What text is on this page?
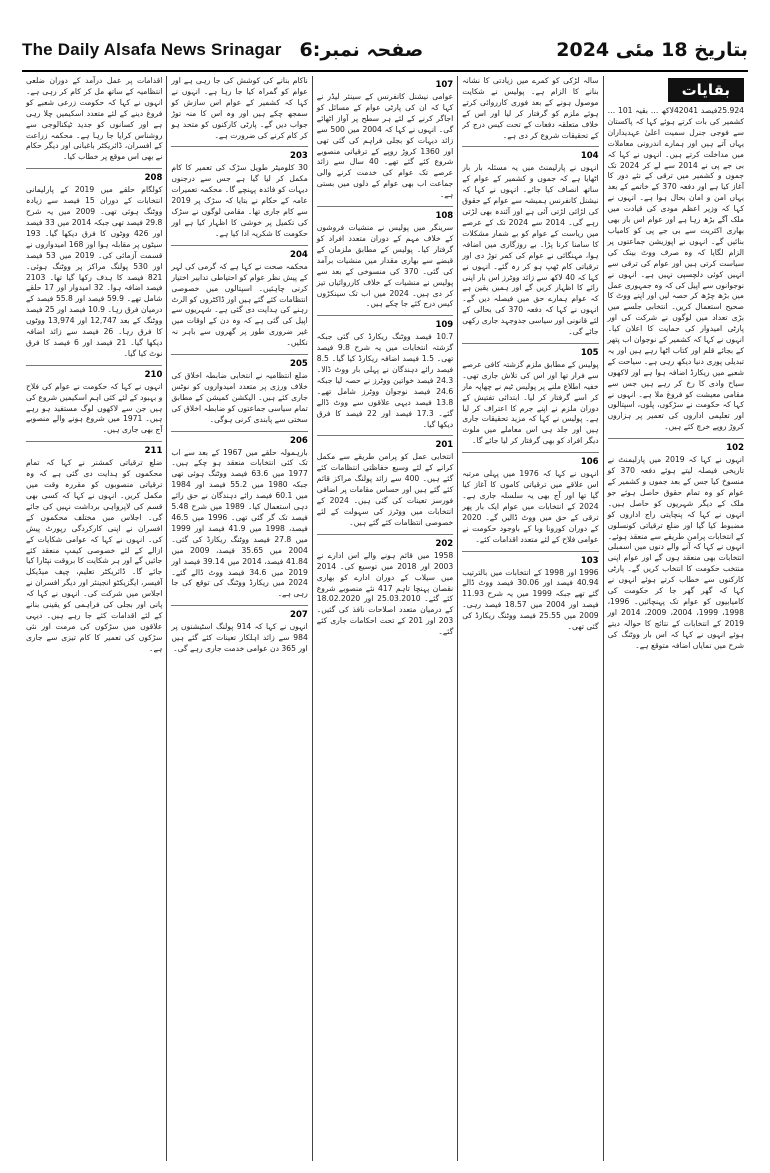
The Daily Alsafa News Srinagar صفحہ نمبر:6	بتاریخ 18 مئی 2024
بقایات

25.924فیصد 42041لاکھ … بقیہ 101 … کشمیر کی بات کرتے ہوئے کہا کہ پاکستان سے فوجی جنرل سمیت اعلیٰ عہدیداران یہاں آتے ہیں اور ہمارے اندرونی معاملات میں مداخلت کرتے ہیں۔ انہوں نے کہا کہ بی جے پی نے 2014 سے لے کر 2024 تک جموں و کشمیر میں ترقی کے نئے دور کا آغاز کیا ہے اور دفعہ 370 کے خاتمے کے بعد یہاں امن و امان بحال ہوا ہے۔ انہوں نے کہا کہ وزیر اعظم مودی کی قیادت میں ملک آگے بڑھ رہا ہے اور عوام اس بار بھی بھاری اکثریت سے بی جے پی کو کامیاب بنائیں گے۔ انہوں نے اپوزیشن جماعتوں پر الزام لگایا کہ وہ صرف ووٹ بینک کی سیاست کرتی ہیں اور عوام کی ترقی سے انہیں کوئی دلچسپی نہیں ہے۔ انہوں نے نوجوانوں سے اپیل کی کہ وہ جمہوری عمل میں بڑھ چڑھ کر حصہ لیں اور اپنے ووٹ کا صحیح استعمال کریں۔ انتخابی جلسے میں بڑی تعداد میں لوگوں نے شرکت کی اور پارٹی امیدوار کی حمایت کا اعلان کیا۔ انہوں نے کہا کہ کشمیر کے نوجوان اب پتھر کے بجائے قلم اور کتاب اٹھا رہے ہیں اور یہ تبدیلی پوری دنیا دیکھ رہی ہے۔ سیاحت کے شعبے میں ریکارڈ اضافہ ہوا ہے اور لاکھوں سیاح وادی کا رخ کر رہے ہیں جس سے مقامی معیشت کو فروغ ملا ہے۔ انہوں نے کہا کہ حکومت نے سڑکوں، پلوں، اسپتالوں اور تعلیمی اداروں کی تعمیر پر ہزاروں کروڑ روپے خرچ کئے ہیں۔

102

انہوں نے کہا کہ 2019 میں پارلیمنٹ نے تاریخی فیصلہ لیتے ہوئے دفعہ 370 کو منسوخ کیا جس کے بعد جموں و کشمیر کے عوام کو وہ تمام حقوق حاصل ہوئے جو ملک کے دیگر شہریوں کو حاصل ہیں۔ انہوں نے کہا کہ پنچایتی راج اداروں کو مضبوط کیا گیا اور ضلع ترقیاتی کونسلوں کے انتخابات پرامن طریقے سے منعقد ہوئے۔ انہوں نے کہا کہ آنے والے دنوں میں اسمبلی انتخابات بھی منعقد ہوں گے اور عوام اپنی منتخب حکومت کا انتخاب کریں گے۔ پارٹی کارکنوں سے خطاب کرتے ہوئے انہوں نے کہا کہ گھر گھر جا کر حکومت کی کامیابیوں کو عوام تک پہنچائیں۔ 1996، 1998، 1999، 2004، 2009، 2014 اور 2019 کے انتخابات کے نتائج کا حوالہ دیتے ہوئے انہوں نے کہا کہ اس بار ووٹنگ کی شرح میں نمایاں اضافہ متوقع ہے۔

سالہ لڑکی کو کمرے میں زیادتی کا نشانہ بنانے کا الزام ہے۔ پولیس نے شکایت موصول ہونے کے بعد فوری کارروائی کرتے ہوئے ملزم کو گرفتار کر لیا اور اس کے خلاف متعلقہ دفعات کے تحت کیس درج کر کے تحقیقات شروع کر دی ہے۔

104

انہوں نے پارلیمنٹ میں یہ مسئلہ بار بار اٹھایا ہے کہ جموں و کشمیر کے عوام کے ساتھ انصاف کیا جائے۔ انہوں نے کہا کہ نیشنل کانفرنس ہمیشہ سے عوام کے حقوق کی لڑائی لڑتی آئی ہے اور آئندہ بھی لڑتی رہے گی۔ 2014 سے 2024 تک کے عرصے میں ریاست کے عوام کو بے شمار مشکلات کا سامنا کرنا پڑا۔ بے روزگاری میں اضافہ ہوا، مہنگائی نے عوام کی کمر توڑ دی اور ترقیاتی کام ٹھپ ہو کر رہ گئے۔ انہوں نے کہا کہ 40 لاکھ سے زائد ووٹرز اس بار اپنی رائے کا اظہار کریں گے اور ہمیں یقین ہے کہ عوام ہمارے حق میں فیصلہ دیں گے۔ انہوں نے کہا کہ دفعہ 370 کی بحالی کے لئے قانونی اور سیاسی جدوجہد جاری رکھی جائے گی۔

105

پولیس کے مطابق ملزم گزشتہ کافی عرصے سے فرار تھا اور اس کی تلاش جاری تھی۔ خفیہ اطلاع ملنے پر پولیس ٹیم نے چھاپہ مار کر اسے گرفتار کر لیا۔ ابتدائی تفتیش کے دوران ملزم نے اپنے جرم کا اعتراف کر لیا ہے۔ پولیس نے کہا کہ مزید تحقیقات جاری ہیں اور جلد ہی اس معاملے میں ملوث دیگر افراد کو بھی گرفتار کر لیا جائے گا۔

106

انہوں نے کہا کہ 1976 میں پہلی مرتبہ اس علاقے میں ترقیاتی کاموں کا آغاز کیا گیا تھا اور آج بھی یہ سلسلہ جاری ہے۔ 2024 کے انتخابات میں عوام ایک بار پھر ترقی کے حق میں ووٹ ڈالیں گے۔ 2020 کے دوران کورونا وبا کے باوجود حکومت نے عوامی فلاح کے لئے متعدد اقدامات کئے۔

103

1996 اور 1998 کے انتخابات میں بالترتیب 40.94 فیصد اور 30.06 فیصد ووٹ ڈالے گئے تھے جبکہ 1999 میں یہ شرح 11.93 فیصد اور 2004 میں 18.57 فیصد رہی۔ 2009 میں 25.55 فیصد ووٹنگ ریکارڈ کی گئی تھی۔

107

عوامی نیشنل کانفرنس کے سینئر لیڈر نے کہا کہ ان کی پارٹی عوام کے مسائل کو اجاگر کرنے کے لئے ہر سطح پر آواز اٹھائے گی۔ انہوں نے کہا کہ 2004 میں 500 سے زائد دیہات کو بجلی فراہم کی گئی تھی اور 1360 کروڑ روپے کے ترقیاتی منصوبے شروع کئے گئے تھے۔ 40 سال سے زائد عرصے تک عوام کی خدمت کرنے والی جماعت اب بھی عوام کے دلوں میں بستی ہے۔

108

سرینگر میں پولیس نے منشیات فروشوں کے خلاف مہم کے دوران متعدد افراد کو گرفتار کیا۔ پولیس کے مطابق ملزمان کے قبضے سے بھاری مقدار میں منشیات برآمد کی گئی۔ 370 کی منسوخی کے بعد سے پولیس نے منشیات کے خلاف کارروائیاں تیز کر دی ہیں۔ 2024 میں اب تک سینکڑوں کیس درج کئے جا چکے ہیں۔

109

10.7 فیصد ووٹنگ ریکارڈ کی گئی جبکہ گزشتہ انتخابات میں یہ شرح 9.8 فیصد تھی۔ 1.5 فیصد اضافہ ریکارڈ کیا گیا۔ 8.5 فیصد رائے دہندگان نے پہلی بار ووٹ ڈالا۔ 24.3 فیصد خواتین ووٹرز نے حصہ لیا جبکہ 24.6 فیصد نوجوان ووٹرز شامل تھے۔ 13.8 فیصد دیہی علاقوں سے ووٹ ڈالے گئے۔ 17.3 فیصد اور 22 فیصد کا فرق دیکھا گیا۔

201

انتخابی عمل کو پرامن طریقے سے مکمل کرانے کے لئے وسیع حفاظتی انتظامات کئے گئے ہیں۔ 400 سے زائد پولنگ مراکز قائم کئے گئے ہیں اور حساس مقامات پر اضافی فورسز تعینات کی گئی ہیں۔ 2024 کے انتخابات میں ووٹرز کی سہولت کے لئے خصوصی انتظامات کئے گئے ہیں۔

202

1958 میں قائم ہونے والے اس ادارے نے 2003 اور 2018 میں توسیع کی۔ 2014 میں سیلاب کے دوران ادارے کو بھاری نقصان پہنچا تاہم 417 نئے منصوبے شروع کئے گئے۔ 25.03.2010 اور 18.02.2020 کے درمیان متعدد اصلاحات نافذ کی گئیں۔ 203 اور 201 کے تحت احکامات جاری کئے گئے۔

ناکام بنانے کی کوشش کی جا رہی ہے اور عوام کو گمراہ کیا جا رہا ہے۔ انہوں نے کہا کہ کشمیر کے عوام اس سازش کو سمجھ چکے ہیں اور وہ اس کا منہ توڑ جواب دیں گے۔ پارٹی کارکنوں کو متحد ہو کر کام کرنے کی ضرورت ہے۔

203

30 کلومیٹر طویل سڑک کی تعمیر کا کام مکمل کر لیا گیا ہے جس سے درجنوں دیہات کو فائدہ پہنچے گا۔ محکمہ تعمیرات عامہ کے حکام نے بتایا کہ سڑک پر 2019 سے کام جاری تھا۔ مقامی لوگوں نے سڑک کی تکمیل پر خوشی کا اظہار کیا ہے اور حکومت کا شکریہ ادا کیا ہے۔

204

محکمہ صحت نے کہا ہے کہ گرمی کی لہر کے پیش نظر عوام کو احتیاطی تدابیر اختیار کرنی چاہئیں۔ اسپتالوں میں خصوصی انتظامات کئے گئے ہیں اور ڈاکٹروں کو الرٹ رہنے کی ہدایت دی گئی ہے۔ شہریوں سے اپیل کی گئی ہے کہ وہ دن کے اوقات میں غیر ضروری طور پر گھروں سے باہر نہ نکلیں۔

205

ضلع انتظامیہ نے انتخابی ضابطہ اخلاق کی خلاف ورزی پر متعدد امیدواروں کو نوٹس جاری کئے ہیں۔ الیکشن کمیشن کے مطابق تمام سیاسی جماعتوں کو ضابطہ اخلاق کی سختی سے پابندی کرنی ہوگی۔

206

بارہمولہ حلقے میں 1967 کے بعد سے اب تک کئی انتخابات منعقد ہو چکے ہیں۔ 1977 میں 63.6 فیصد ووٹنگ ہوئی تھی جبکہ 1980 میں 55.2 فیصد اور 1984 میں 60.1 فیصد رائے دہندگان نے حق رائے دہی استعمال کیا۔ 1989 میں شرح 5.48 فیصد تک گر گئی تھی۔ 1996 میں 46.5 فیصد، 1998 میں 41.9 فیصد اور 1999 میں 27.8 فیصد ووٹنگ ریکارڈ کی گئی۔ 2004 میں 35.65 فیصد، 2009 میں 41.84 فیصد، 2014 میں 39.14 فیصد اور 2019 میں 34.6 فیصد ووٹ ڈالے گئے۔ 2024 میں ریکارڈ ووٹنگ کی توقع کی جا رہی ہے۔

207

انہوں نے کہا کہ 914 پولنگ اسٹیشنوں پر 984 سے زائد اہلکار تعینات کئے گئے ہیں اور 365 دن عوامی خدمت جاری رہے گی۔

اقدامات پر عمل درآمد کے دوران ضلعی انتظامیہ کے ساتھ مل کر کام کر رہی ہے۔ انہوں نے کہا کہ حکومت زرعی شعبے کو فروغ دینے کے لئے متعدد اسکیمیں چلا رہی ہے اور کسانوں کو جدید ٹیکنالوجی سے روشناس کرایا جا رہا ہے۔ محکمہ زراعت کے افسران، ڈائریکٹر باغبانی اور دیگر حکام نے بھی اس موقع پر خطاب کیا۔

208

کولگام حلقے میں 2019 کے پارلیمانی انتخابات کے دوران 15 فیصد سے زیادہ ووٹنگ ہوئی تھی۔ 2009 میں یہ شرح 29.8 فیصد تھی جبکہ 2014 میں 33 فیصد اور 426 ووٹوں کا فرق دیکھا گیا۔ 193 سیٹوں پر مقابلہ ہوا اور 168 امیدواروں نے قسمت آزمائی کی۔ 2019 میں 53 فیصد اور 530 پولنگ مراکز پر ووٹنگ ہوئی۔ 821 فیصد کا ہدف رکھا گیا تھا۔ 2103 فیصد اضافہ ہوا۔ 32 امیدوار اور 17 حلقے شامل تھے۔ 59.9 فیصد اور 55.8 فیصد کے درمیان فرق رہا۔ 10.9 فیصد اور 25 فیصد ووٹنگ کے بعد 12,747 اور 13,974 ووٹوں کا فرق رہا۔ 26 فیصد سے زائد اضافہ دیکھا گیا۔ 21 فیصد اور 6 فیصد کا فرق نوٹ کیا گیا۔

210

انہوں نے کہا کہ حکومت نے عوام کی فلاح و بہبود کے لئے کئی اہم اسکیمیں شروع کی ہیں جن سے لاکھوں لوگ مستفید ہو رہے ہیں۔ 1971 میں شروع ہونے والے منصوبے آج بھی جاری ہیں۔

211

ضلع ترقیاتی کمشنر نے کہا کہ تمام محکموں کو ہدایت دی گئی ہے کہ وہ ترقیاتی منصوبوں کو مقررہ وقت میں مکمل کریں۔ انہوں نے کہا کہ کسی بھی قسم کی لاپرواہی برداشت نہیں کی جائے گی۔ اجلاس میں مختلف محکموں کے افسران نے اپنی کارکردگی رپورٹ پیش کی۔ انہوں نے کہا کہ عوامی شکایات کے ازالے کے لئے خصوصی کیمپ منعقد کئے جائیں گے اور ہر شکایت کا بروقت نپٹارا کیا جائے گا۔ ڈائریکٹر تعلیم، چیف میڈیکل آفیسر، ایگزیکٹو انجینئر اور دیگر افسران نے اجلاس میں شرکت کی۔ انہوں نے کہا کہ پانی اور بجلی کی فراہمی کو یقینی بنانے کے لئے اقدامات کئے جا رہے ہیں۔ دیہی علاقوں میں سڑکوں کی مرمت اور نئی سڑکوں کی تعمیر کا کام تیزی سے جاری ہے۔
